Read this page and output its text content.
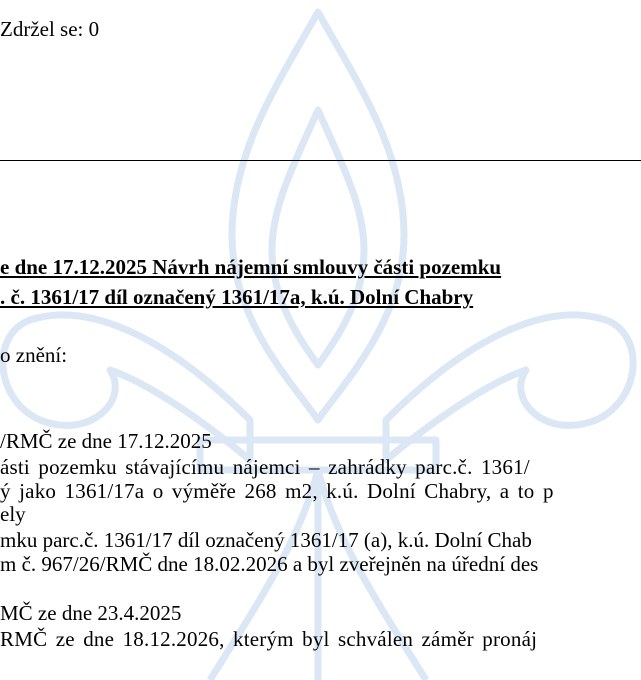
Zdržel se: 0
e dne 17.12.2025 Návrh nájemní smlouvy části pozemku
. č. 1361/17 díl označený 1361/17a, k.ú. Dolní Chabry
o znění:
/RMČ ze dne 17.12.2025
ásti pozemku stávajícímu nájemci – zahrádky parc.č. 1361/
ý jako 1361/17a o výměře 268 m2, k.ú. Dolní Chabry, a to p
ely
mku parc.č. 1361/17 díl označený 1361/17 (a), k.ú. Dolní Chab
m č. 967/26/RMČ dne 18.02.2026 a byl zveřejněn na úřední des
MČ ze dne 23.4.2025
RMČ ze dne 18.12.2026, kterým byl schválen záměr pronáj
